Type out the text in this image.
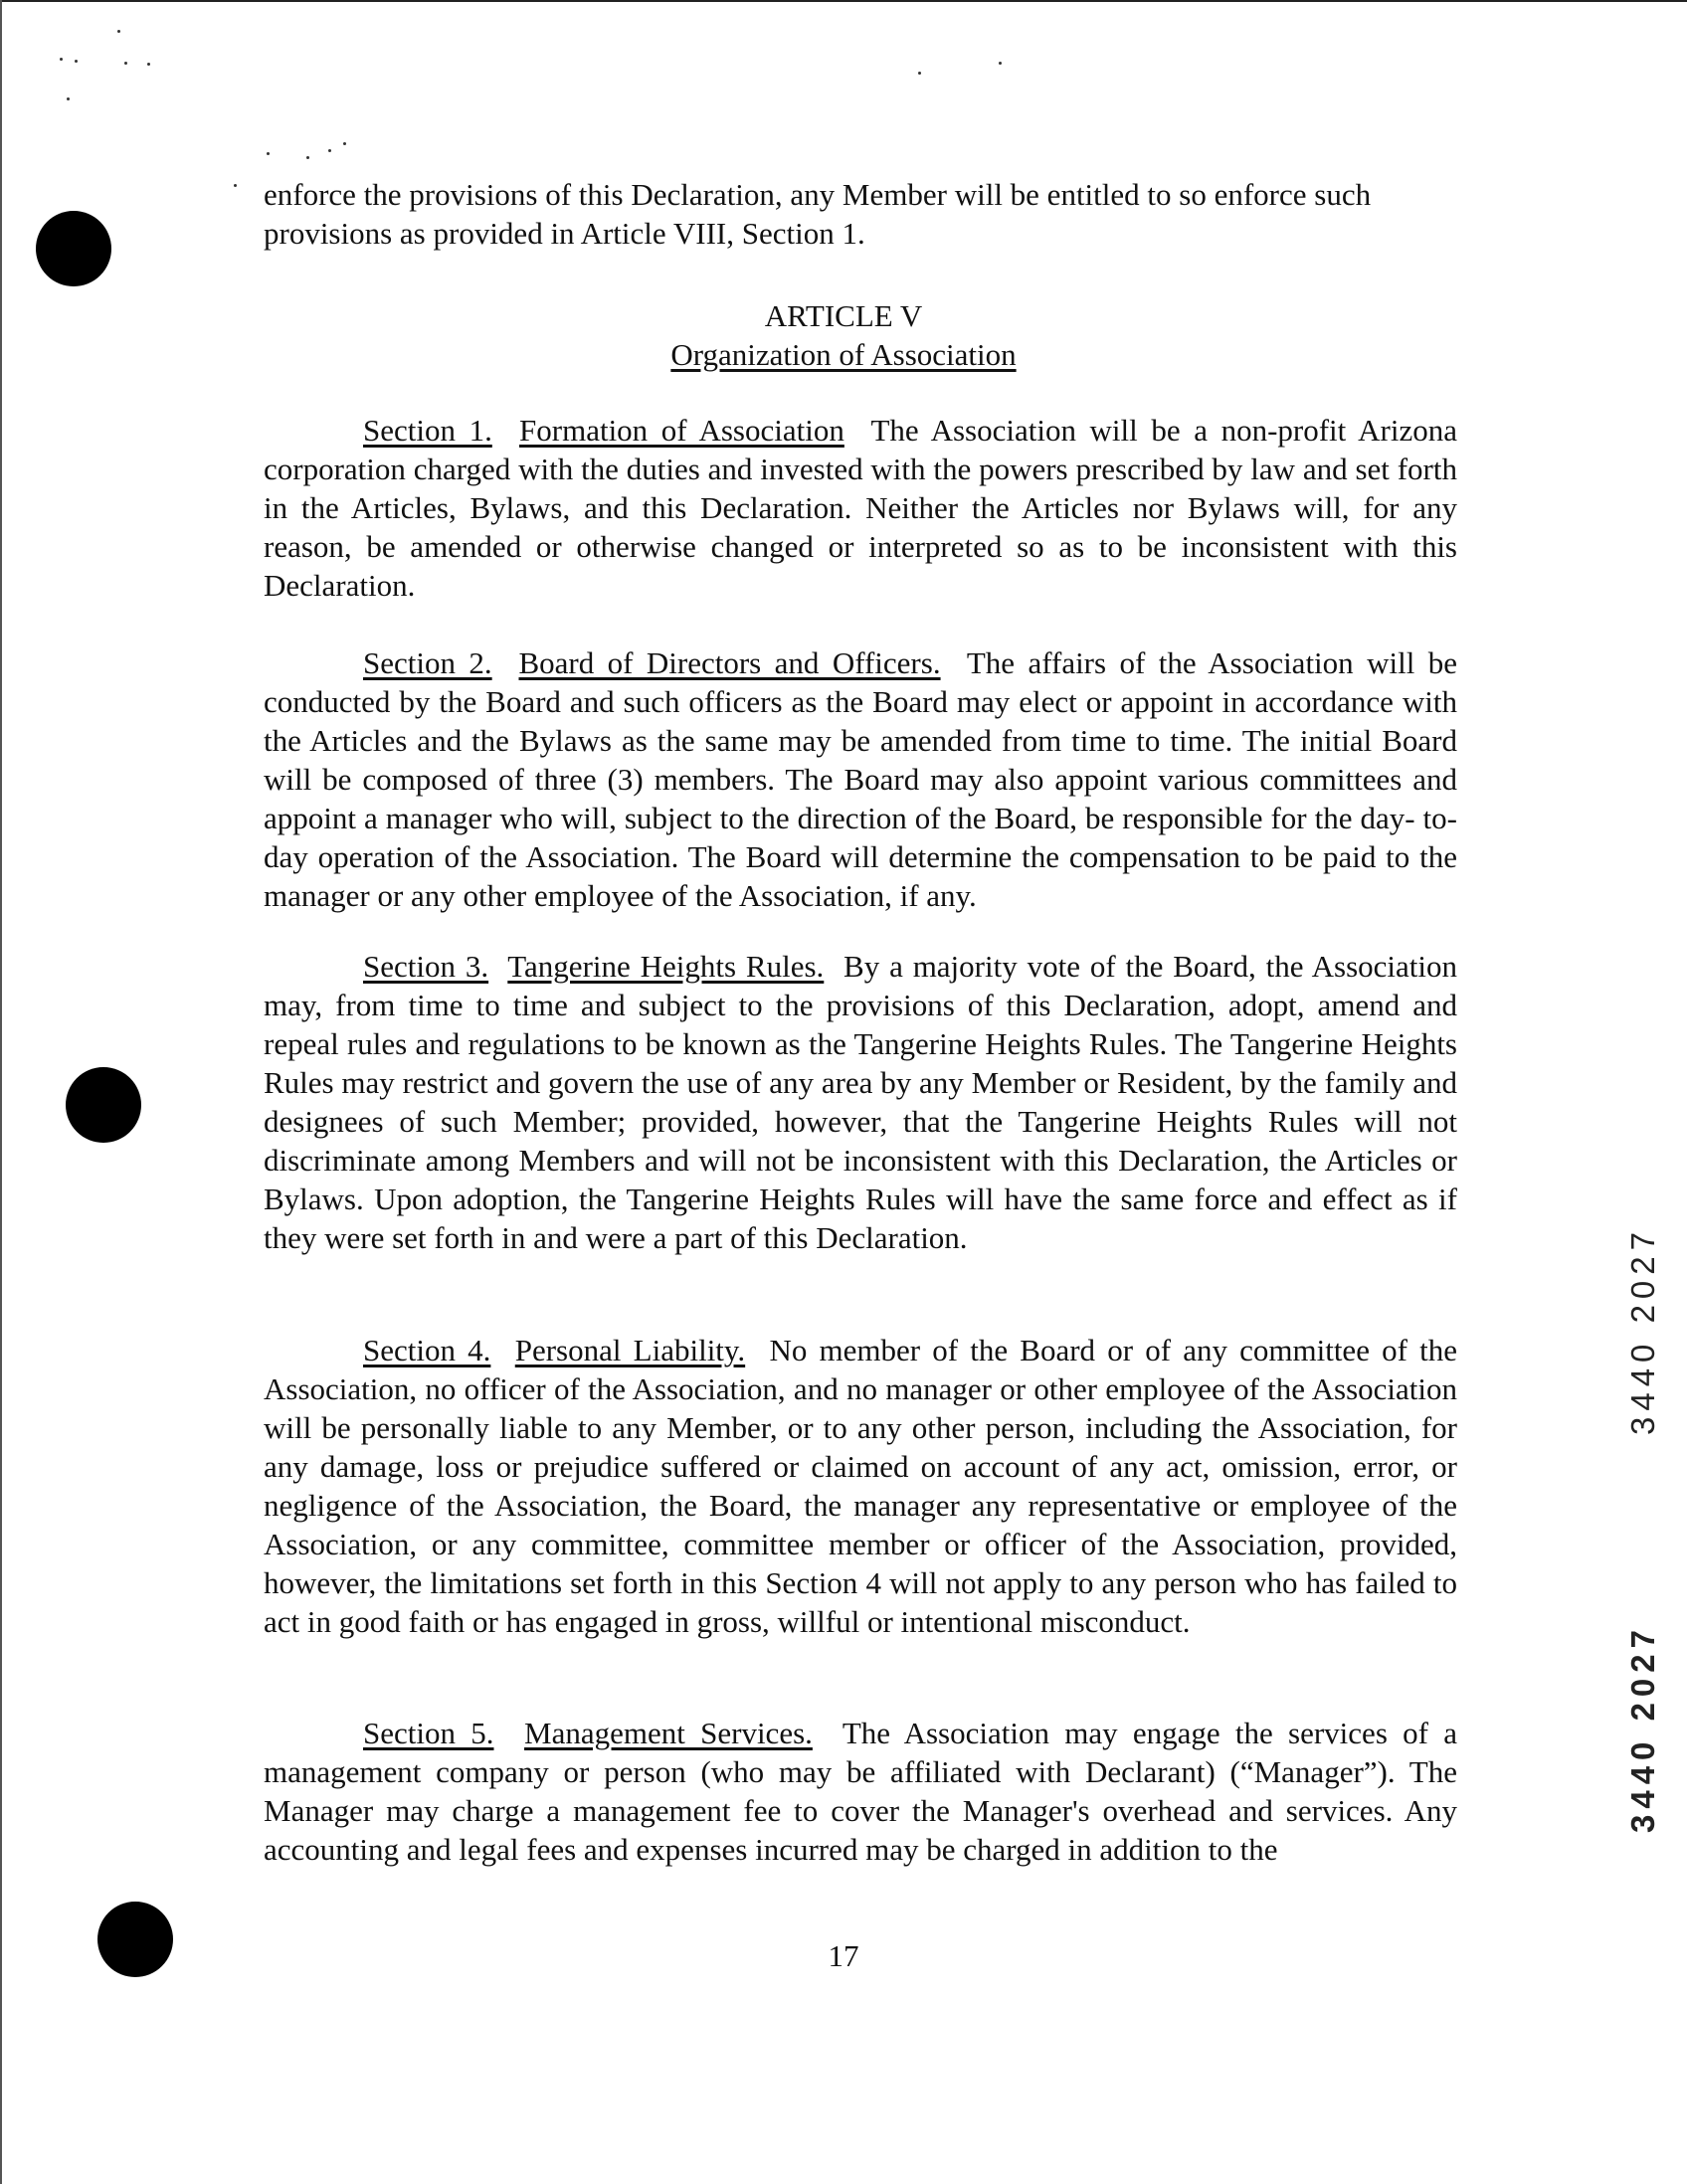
enforce the provisions of this Declaration, any Member will be entitled to so enforce such provisions as provided in Article VIII, Section 1.

ARTICLE V
Organization of Association

Section 1. Formation of Association The Association will be a non-profit Arizona corporation charged with the duties and invested with the powers prescribed by law and set forth in the Articles, Bylaws, and this Declaration. Neither the Articles nor Bylaws will, for any reason, be amended or otherwise changed or interpreted so as to be inconsistent with this Declaration.

Section 2. Board of Directors and Officers. The affairs of the Association will be conducted by the Board and such officers as the Board may elect or appoint in accordance with the Articles and the Bylaws as the same may be amended from time to time. The initial Board will be composed of three (3) members. The Board may also appoint various committees and appoint a manager who will, subject to the direction of the Board, be responsible for the day- to-day operation of the Association. The Board will determine the compensation to be paid to the manager or any other employee of the Association, if any.

Section 3. Tangerine Heights Rules. By a majority vote of the Board, the Association may, from time to time and subject to the provisions of this Declaration, adopt, amend and repeal rules and regulations to be known as the Tangerine Heights Rules. The Tangerine Heights Rules may restrict and govern the use of any area by any Member or Resident, by the family and designees of such Member; provided, however, that the Tangerine Heights Rules will not discriminate among Members and will not be inconsistent with this Declaration, the Articles or Bylaws. Upon adoption, the Tangerine Heights Rules will have the same force and effect as if they were set forth in and were a part of this Declaration.

Section 4. Personal Liability. No member of the Board or of any committee of the Association, no officer of the Association, and no manager or other employee of the Association will be personally liable to any Member, or to any other person, including the Association, for any damage, loss or prejudice suffered or claimed on account of any act, omission, error, or negligence of the Association, the Board, the manager any representative or employee of the Association, or any committee, committee member or officer of the Association, provided, however, the limitations set forth in this Section 4 will not apply to any person who has failed to act in good faith or has engaged in gross, willful or intentional misconduct.

Section 5. Management Services. The Association may engage the services of a management company or person (who may be affiliated with Declarant) (“Manager”). The Manager may charge a management fee to cover the Manager's overhead and services. Any accounting and legal fees and expenses incurred may be charged in addition to the

17
3440 2027
3440 2027
